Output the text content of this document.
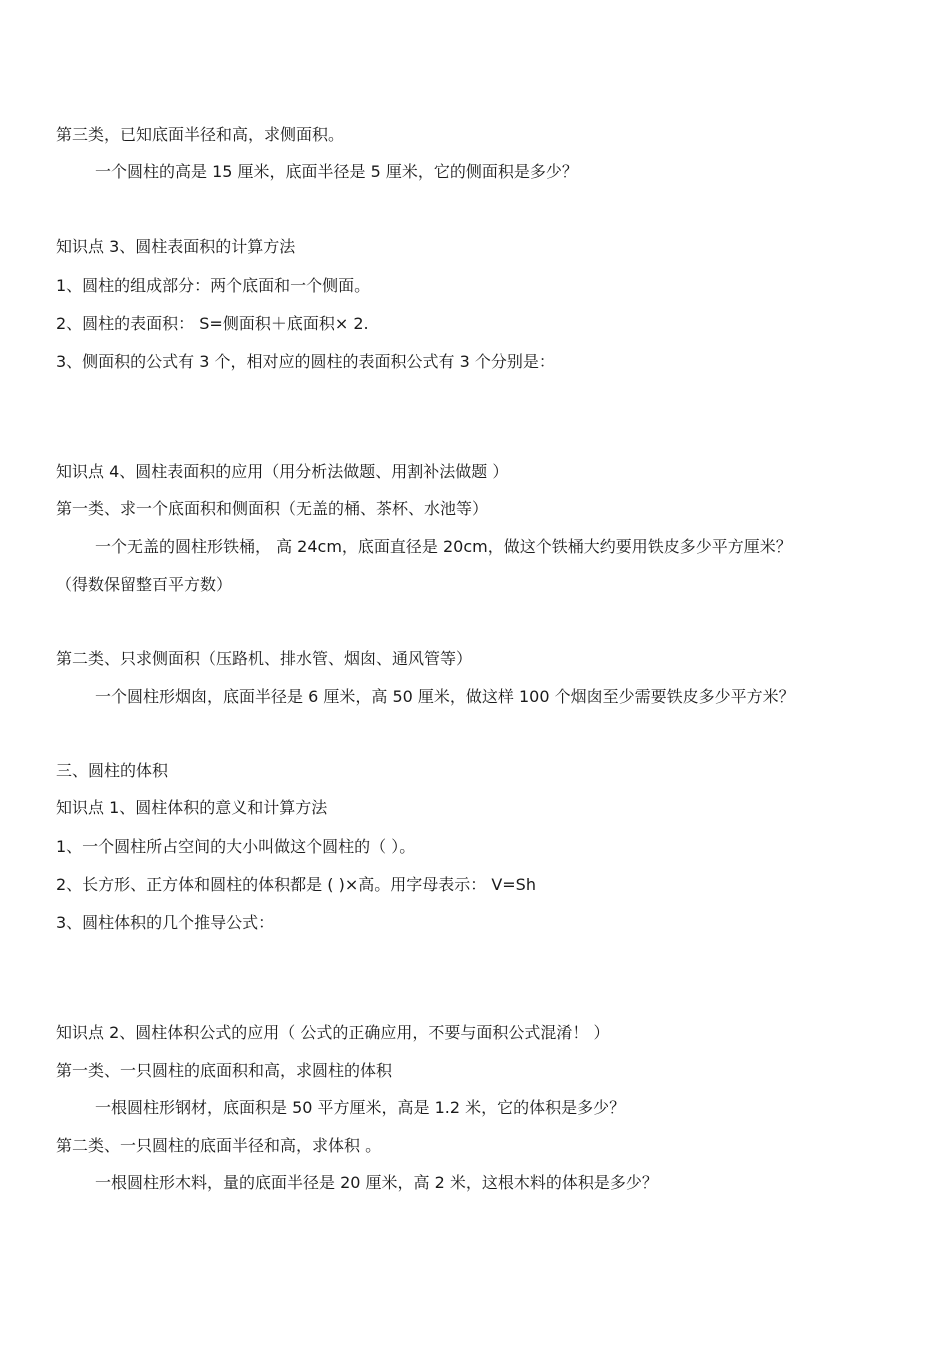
第三类，已知底面半径和高，求侧面积。
一个圆柱的高是 15 厘米，底面半径是 5 厘米，它的侧面积是多少？
知识点 3、圆柱表面积的计算方法
1、圆柱的组成部分：两个底面和一个侧面。
2、圆柱的表面积： S=侧面积＋底面积× 2.
3、侧面积的公式有 3 个，相对应的圆柱的表面积公式有 3 个分别是：
知识点 4、圆柱表面积的应用（用分析法做题、用割补法做题 ）
第一类、求一个底面积和侧面积（无盖的桶、茶杯、水池等）
一个无盖的圆柱形铁桶， 高 24cm，底面直径是 20cm，做这个铁桶大约要用铁皮多少平方厘米？
（得数保留整百平方数）
第二类、只求侧面积（压路机、排水管、烟囱、通风管等）
一个圆柱形烟囱，底面半径是 6 厘米，高 50 厘米，做这样 100 个烟囱至少需要铁皮多少平方米？
三、圆柱的体积
知识点 1、圆柱体积的意义和计算方法
1、一个圆柱所占空间的大小叫做这个圆柱的（ ）。
2、长方形、正方体和圆柱的体积都是 ( )×高。用字母表示： V=Sh
3、圆柱体积的几个推导公式：
知识点 2、圆柱体积公式的应用（ 公式的正确应用，不要与面积公式混淆！ ）
第一类、一只圆柱的底面积和高，求圆柱的体积
一根圆柱形钢材，底面积是 50 平方厘米，高是 1.2 米，它的体积是多少？
第二类、一只圆柱的底面半径和高，求体积 。
一根圆柱形木料，量的底面半径是 20 厘米，高 2 米，这根木料的体积是多少？
